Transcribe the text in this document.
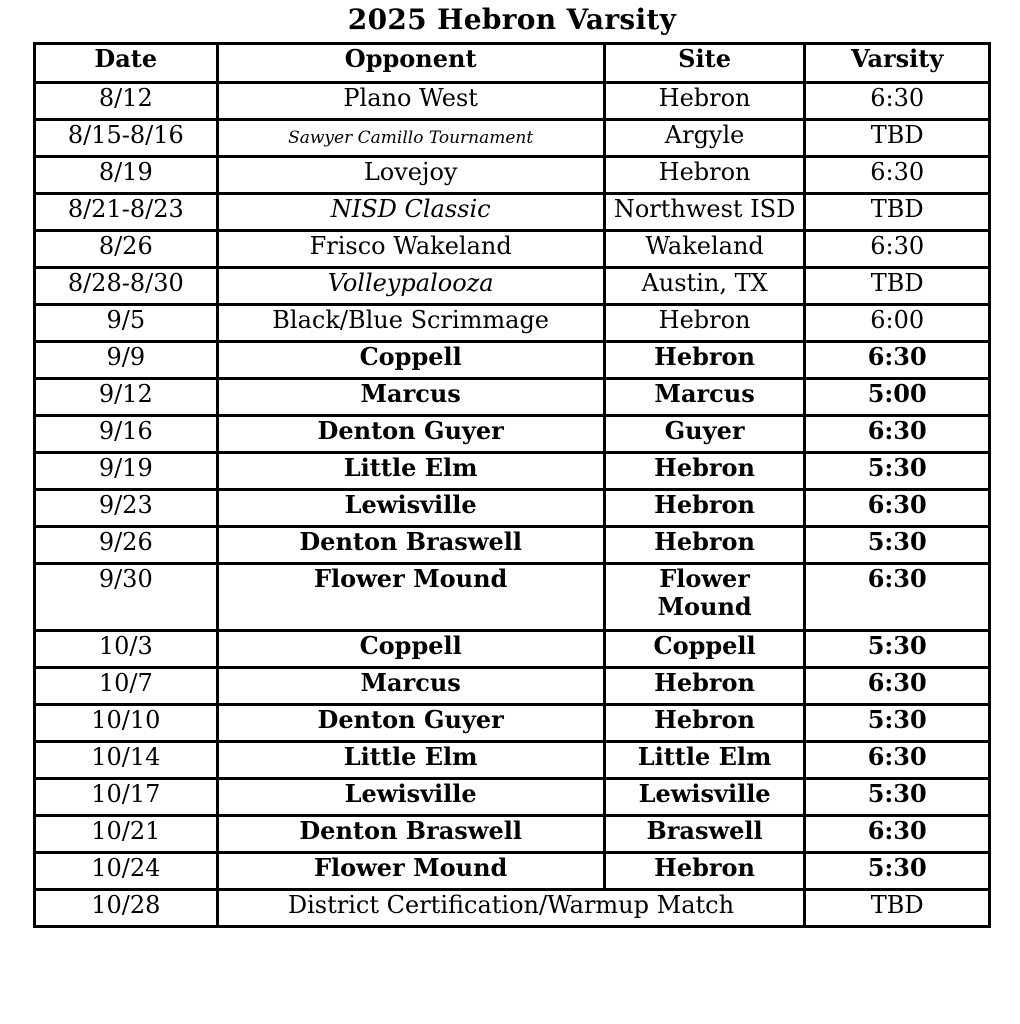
2025 Hebron Varsity
Date	Opponent	Site	Varsity
8/12	Plano West	Hebron	6:30
8/15-8/16	Sawyer Camillo Tournament	Argyle	TBD
8/19	Lovejoy	Hebron	6:30
8/21-8/23	NISD Classic	Northwest ISD	TBD
8/26	Frisco Wakeland	Wakeland	6:30
8/28-8/30	Volleypalooza	Austin, TX	TBD
9/5	Black/Blue Scrimmage	Hebron	6:00
9/9	Coppell	Hebron	6:30
9/12	Marcus	Marcus	5:00
9/16	Denton Guyer	Guyer	6:30
9/19	Little Elm	Hebron	5:30
9/23	Lewisville	Hebron	6:30
9/26	Denton Braswell	Hebron	5:30
9/30	Flower Mound	Flower Mound	6:30
10/3	Coppell	Coppell	5:30
10/7	Marcus	Hebron	6:30
10/10	Denton Guyer	Hebron	5:30
10/14	Little Elm	Little Elm	6:30
10/17	Lewisville	Lewisville	5:30
10/21	Denton Braswell	Braswell	6:30
10/24	Flower Mound	Hebron	5:30
10/28	District Certification/Warmup Match		TBD
